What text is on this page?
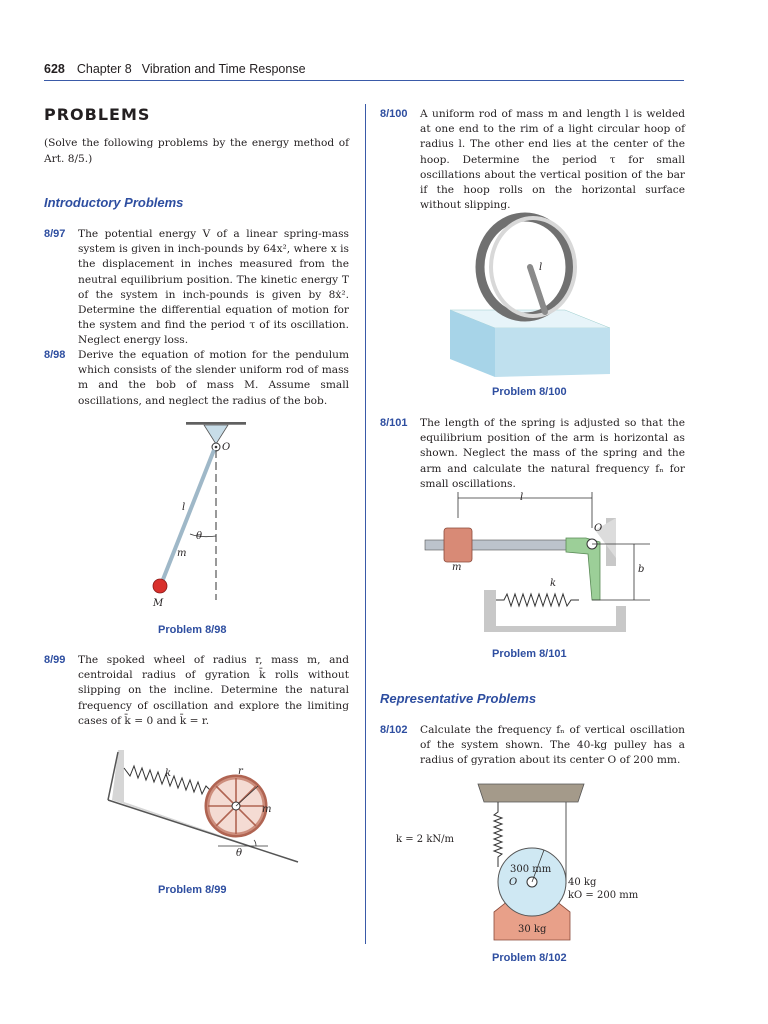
628 Chapter 8 Vibration and Time Response
PROBLEMS
(Solve the following problems by the energy method of Art. 8/5.)
Introductory Problems
8/97 The potential energy V of a linear spring-mass system is given in inch-pounds by 64x², where x is the displacement in inches measured from the neutral equilibrium position. The kinetic energy T of the system in inch-pounds is given by 8ẋ². Determine the differential equation of motion for the system and find the period τ of its oscillation. Neglect energy loss.
8/98 Derive the equation of motion for the pendulum which consists of the slender uniform rod of mass m and the bob of mass M. Assume small oscillations, and neglect the radius of the bob.
O
l
θ
m
M
Problem 8/98
8/99 The spoked wheel of radius r, mass m, and centroidal radius of gyration k̄ rolls without slipping on the incline. Determine the natural frequency of oscillation and explore the limiting cases of k̄ = 0 and k̄ = r.
k	r
m
θ
Problem 8/99
8/100 A uniform rod of mass m and length l is welded at one end to the rim of a light circular hoop of radius l. The other end lies at the center of the hoop. Determine the period τ for small oscillations about the vertical position of the bar if the hoop rolls on the horizontal surface without slipping.
l
Problem 8/100
8/101 The length of the spring is adjusted so that the equilibrium position of the arm is horizontal as shown. Neglect the mass of the spring and the arm and calculate the natural frequency fₙ for small oscillations.
l
O
m
k
b
Problem 8/101
Representative Problems
8/102 Calculate the frequency fₙ of vertical oscillation of the system shown. The 40-kg pulley has a radius of gyration about its center O of 200 mm.
k = 2 kN/m
300 mm
O	40 kg
kO = 200 mm
30 kg
Problem 8/102
